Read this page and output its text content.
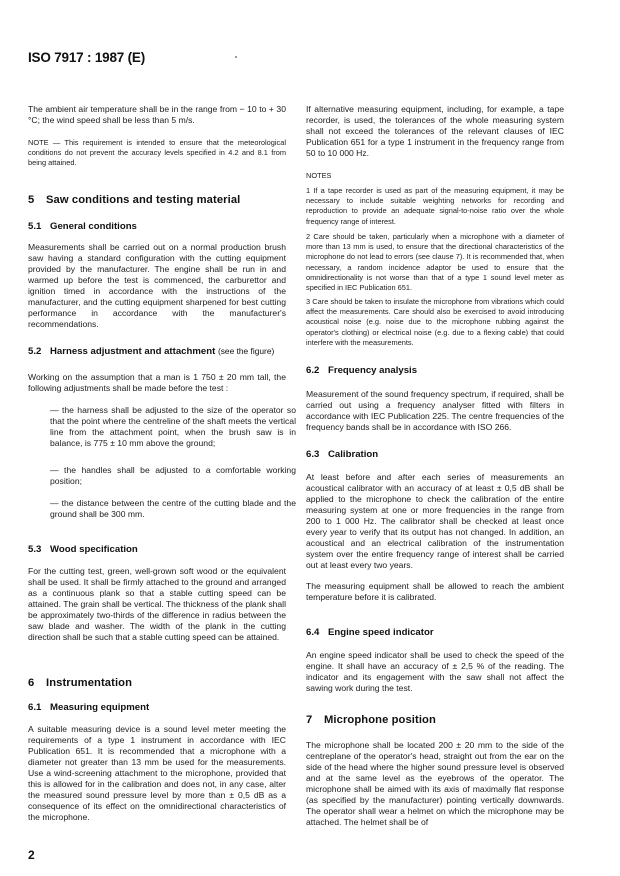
ISO 7917 : 1987 (E)

The ambient air temperature shall be in the range from − 10 to + 30 °C; the wind speed shall be less than 5 m/s.

NOTE — This requirement is intended to ensure that the meteorological conditions do not prevent the accuracy levels specified in 4.2 and 8.1 from being attained.

5 Saw conditions and testing material
5.1 General conditions

Measurements shall be carried out on a normal production brush saw having a standard configuration with the cutting equipment provided by the manufacturer. The engine shall be run in and warmed up before the test is commenced, the carburettor and ignition timed in accordance with the instructions of the manufacturer, and the cutting equipment sharpened for best cutting performance in accordance with the manufacturer's recommendations.

5.2 Harness adjustment and attachment (see the figure)

Working on the assumption that a man is 1 750 ± 20 mm tall, the following adjustments shall be made before the test :

— the harness shall be adjusted to the size of the operator so that the point where the centreline of the shaft meets the vertical line from the attachment point, when the brush saw is in balance, is 775 ± 10 mm above the ground;

— the handles shall be adjusted to a comfortable working position;

— the distance between the centre of the cutting blade and the ground shall be 300 mm.

5.3 Wood specification

For the cutting test, green, well-grown soft wood or the equivalent shall be used. It shall be firmly attached to the ground and arranged as a continuous plank so that a stable cutting speed can be attained. The grain shall be vertical. The thickness of the plank shall be approximately two-thirds of the difference in radius between the saw blade and washer. The width of the plank in the cutting direction shall be such that a stable cutting speed can be attained.

6 Instrumentation
6.1 Measuring equipment

A suitable measuring device is a sound level meter meeting the requirements of a type 1 instrument in accordance with IEC Publication 651. It is recommended that a microphone with a diameter not greater than 13 mm be used for the measurements. Use a wind-screening attachment to the microphone, provided that this is allowed for in the calibration and does not, in any case, alter the measured sound pressure level by more than ± 0,5 dB as a consequence of its effect on the omnidirectional characteristics of the microphone.

If alternative measuring equipment, including, for example, a tape recorder, is used, the tolerances of the whole measuring system shall not exceed the tolerances of the relevant clauses of IEC Publication 651 for a type 1 instrument in the frequency range from 50 to 10 000 Hz.

NOTES

1 If a tape recorder is used as part of the measuring equipment, it may be necessary to include suitable weighting networks for recording and reproduction to provide an adequate signal-to-noise ratio over the whole frequency range of interest.

2 Care should be taken, particularly when a microphone with a diameter of more than 13 mm is used, to ensure that the directional characteristics of the microphone do not lead to errors (see clause 7). It is recommended that, when necessary, a random incidence adaptor be used to ensure that the omnidirectionality is not worse than that of a type 1 sound level meter as specified in IEC Publication 651.

3 Care should be taken to insulate the microphone from vibrations which could affect the measurements. Care should also be exercised to avoid introducing acoustical noise (e.g. noise due to the microphone rubbing against the operator's clothing) or electrical noise (e.g. due to a flexing cable) that could interfere with the measurements.

6.2 Frequency analysis

Measurement of the sound frequency spectrum, if required, shall be carried out using a frequency analyser fitted with filters in accordance with IEC Publication 225. The centre frequencies of the frequency bands shall be in accordance with ISO 266.

6.3 Calibration

At least before and after each series of measurements an acoustical calibrator with an accuracy of at least ± 0,5 dB shall be applied to the microphone to check the calibration of the entire measuring system at one or more frequencies in the range from 200 to 1 000 Hz. The calibrator shall be checked at least once every year to verify that its output has not changed. In addition, an acoustical and an electrical calibration of the instrumentation system over the entire frequency range of interest shall be carried out at least every two years.

The measuring equipment shall be allowed to reach the ambient temperature before it is calibrated.

6.4 Engine speed indicator

An engine speed indicator shall be used to check the speed of the engine. It shall have an accuracy of ± 2,5 % of the reading. The indicator and its engagement with the saw shall not affect the sawing work during the test.

7 Microphone position

The microphone shall be located 200 ± 20 mm to the side of the centreplane of the operator's head, straight out from the ear on the side of the head where the higher sound pressure level is observed and at the same level as the eyebrows of the operator. The microphone shall be aimed with its axis of maximally flat response (as specified by the manufacturer) pointing vertically downwards. The operator shall wear a helmet on which the microphone may be attached. The helmet shall be of

2
